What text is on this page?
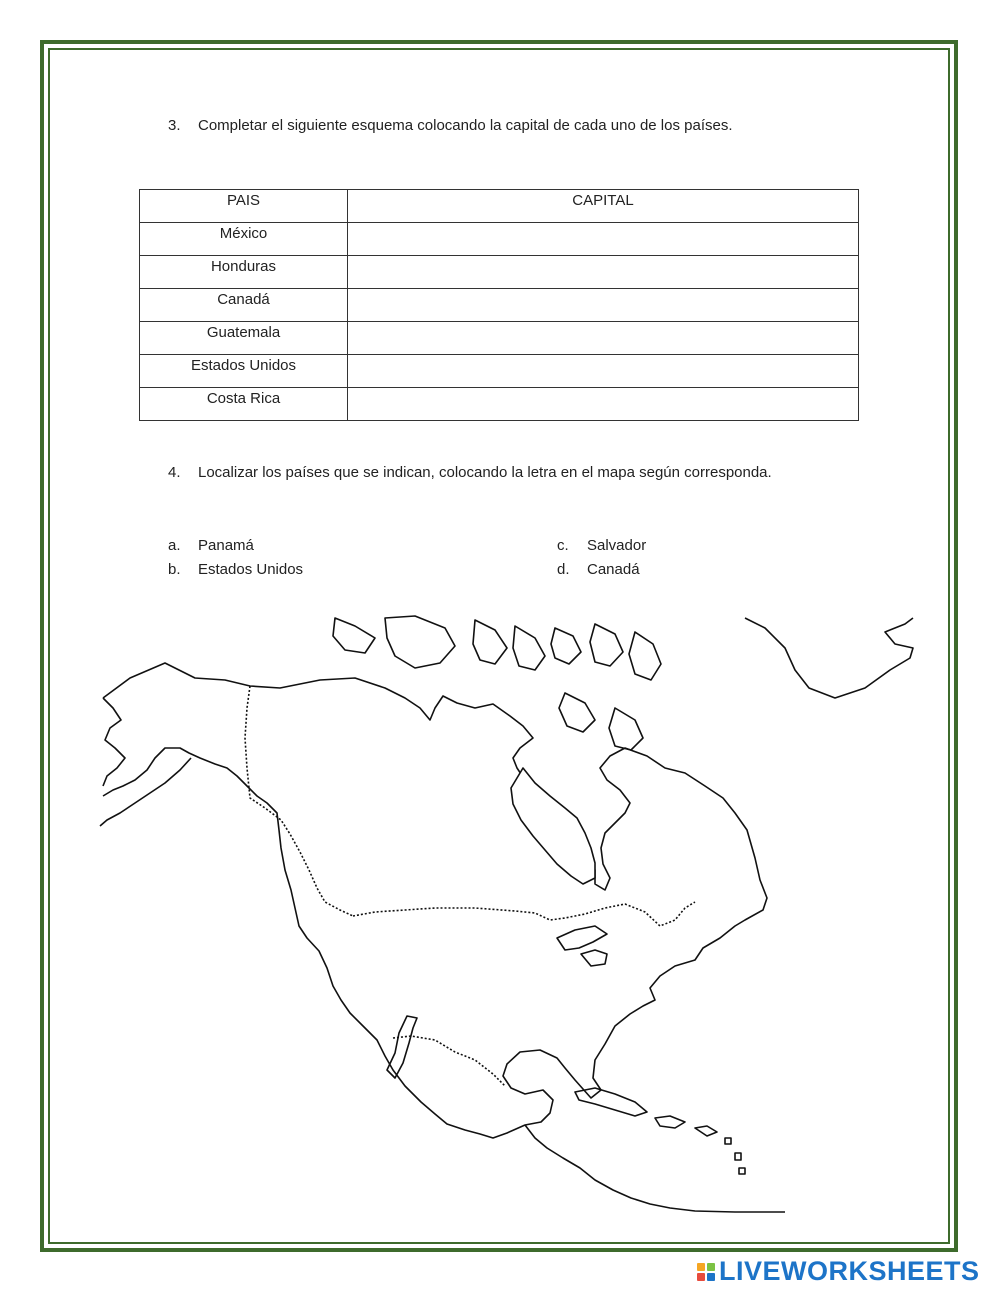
3. Completar el siguiente esquema colocando la capital de cada uno de los países.
PAIS	CAPITAL
México	
Honduras	
Canadá	
Guatemala	
Estados Unidos	
Costa Rica	
4. Localizar los países que se indican, colocando la letra en el mapa según corresponda.
a. Panamá
b. Estados Unidos
c. Salvador
d. Canadá
LIVEWORKSHEETS
